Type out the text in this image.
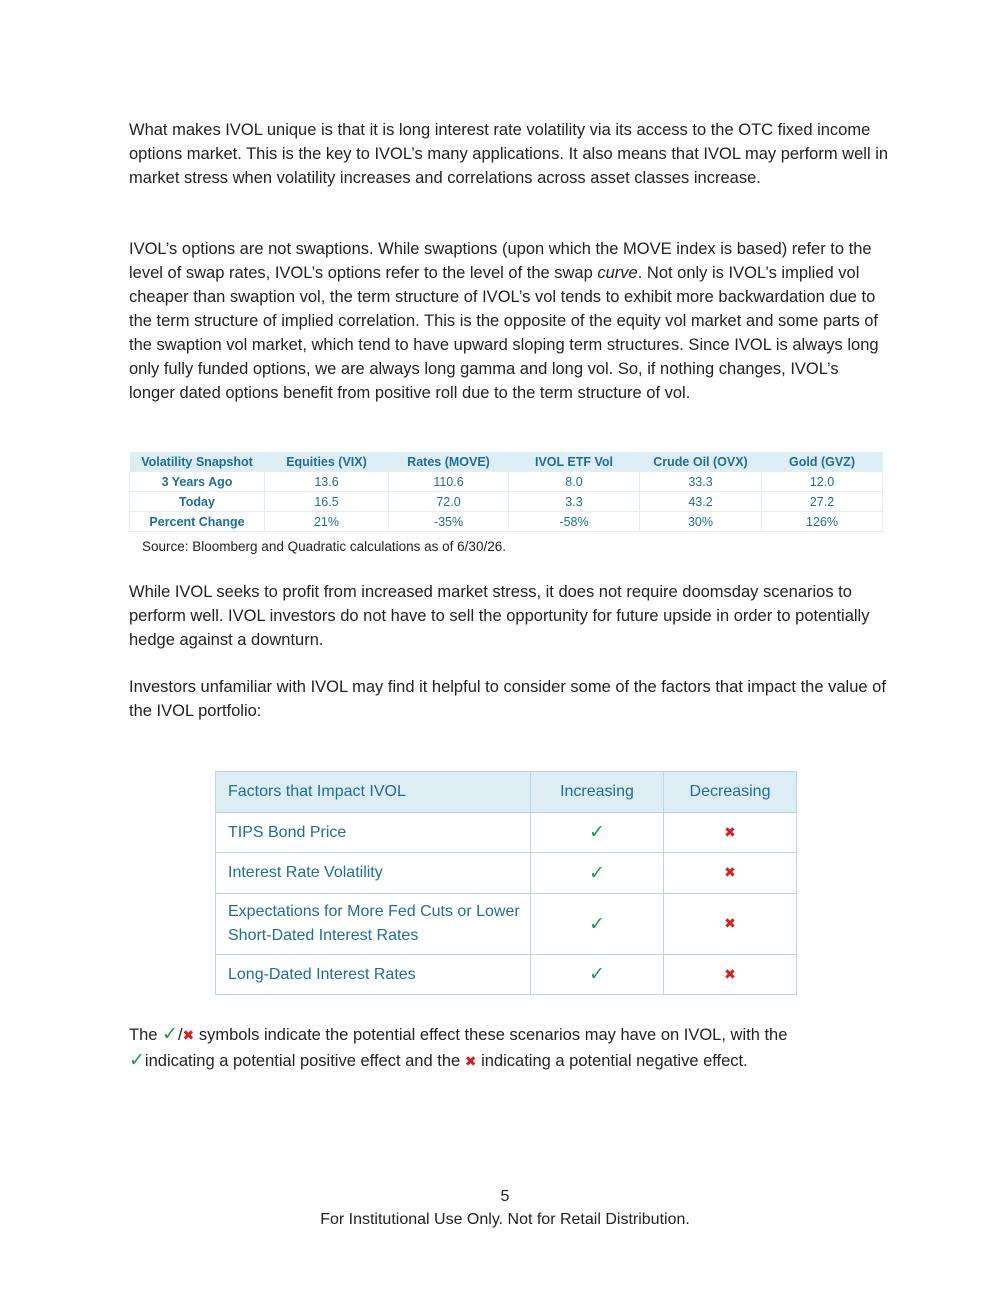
What makes IVOL unique is that it is long interest rate volatility via its access to the OTC fixed income options market. This is the key to IVOL’s many applications. It also means that IVOL may perform well in market stress when volatility increases and correlations across asset classes increase.

IVOL’s options are not swaptions. While swaptions (upon which the MOVE index is based) refer to the level of swap rates, IVOL’s options refer to the level of the swap curve. Not only is IVOL’s implied vol cheaper than swaption vol, the term structure of IVOL’s vol tends to exhibit more backwardation due to the term structure of implied correlation. This is the opposite of the equity vol market and some parts of the swaption vol market, which tend to have upward sloping term structures. Since IVOL is always long only fully funded options, we are always long gamma and long vol. So, if nothing changes, IVOL’s longer dated options benefit from positive roll due to the term structure of vol.

Volatility Snapshot	Equities (VIX)	Rates (MOVE)	IVOL ETF Vol	Crude Oil (OVX)	Gold (GVZ)
3 Years Ago	13.6	110.6	8.0	33.3	12.0
Today	16.5	72.0	3.3	43.2	27.2
Percent Change	21%	-35%	-58%	30%	126%
Source: Bloomberg and Quadratic calculations as of 6/30/26.

While IVOL seeks to profit from increased market stress, it does not require doomsday scenarios to perform well. IVOL investors do not have to sell the opportunity for future upside in order to potentially hedge against a downturn.

Investors unfamiliar with IVOL may find it helpful to consider some of the factors that impact the value of the IVOL portfolio:

Factors that Impact IVOL	Increasing	Decreasing
TIPS Bond Price	✓	✖
Interest Rate Volatility	✓	✖
Expectations for More Fed Cuts or Lower Short-Dated Interest Rates	✓	✖
Long-Dated Interest Rates	✓	✖

The ✓/✖ symbols indicate the potential effect these scenarios may have on IVOL, with the
✓indicating a potential positive effect and the ✖ indicating a potential negative effect.

5
For Institutional Use Only. Not for Retail Distribution.
